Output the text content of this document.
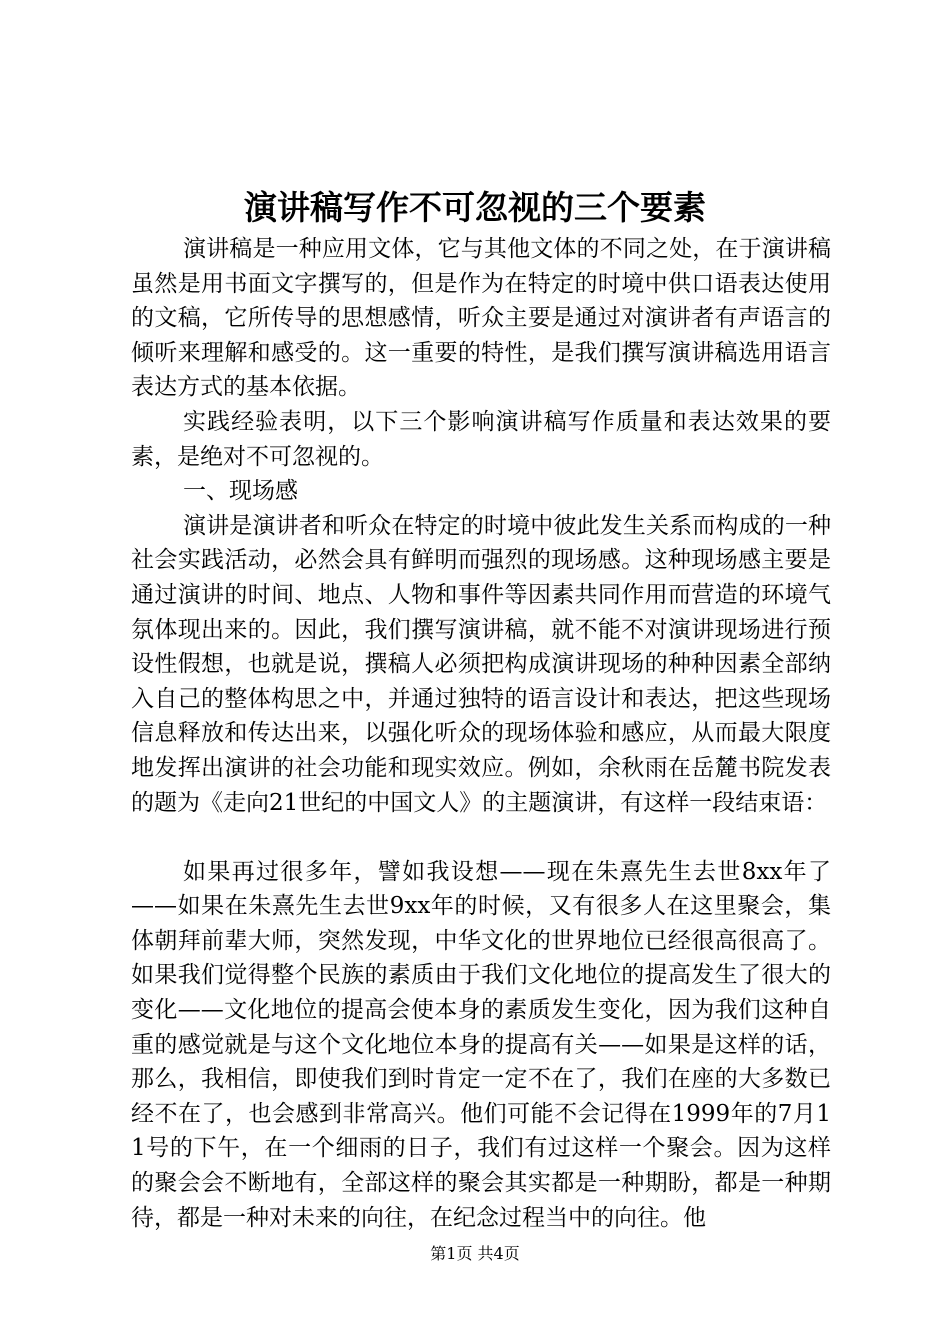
演讲稿写作不可忽视的三个要素

演讲稿是一种应用文体，它与其他文体的不同之处，在于演讲稿虽然是用书面文字撰写的，但是作为在特定的时境中供口语表达使用的文稿，它所传导的思想感情，听众主要是通过对演讲者有声语言的倾听来理解和感受的。这一重要的特性，是我们撰写演讲稿选用语言表达方式的基本依据。

实践经验表明，以下三个影响演讲稿写作质量和表达效果的要素，是绝对不可忽视的。

一、现场感

演讲是演讲者和听众在特定的时境中彼此发生关系而构成的一种社会实践活动，必然会具有鲜明而强烈的现场感。这种现场感主要是通过演讲的时间、地点、人物和事件等因素共同作用而营造的环境气氛体现出来的。因此，我们撰写演讲稿，就不能不对演讲现场进行预设性假想，也就是说，撰稿人必须把构成演讲现场的种种因素全部纳入自己的整体构思之中，并通过独特的语言设计和表达，把这些现场信息释放和传达出来，以强化听众的现场体验和感应，从而最大限度地发挥出演讲的社会功能和现实效应。例如，余秋雨在岳麓书院发表的题为《走向21世纪的中国文人》的主题演讲，有这样一段结束语：

如果再过很多年，譬如我设想——现在朱熹先生去世8xx年了——如果在朱熹先生去世9xx年的时候，又有很多人在这里聚会，集体朝拜前辈大师，突然发现，中华文化的世界地位已经很高很高了。如果我们觉得整个民族的素质由于我们文化地位的提高发生了很大的变化——文化地位的提高会使本身的素质发生变化，因为我们这种自重的感觉就是与这个文化地位本身的提高有关——如果是这样的话，那么，我相信，即使我们到时肯定一定不在了，我们在座的大多数已经不在了，也会感到非常高兴。他们可能不会记得在1999年的7月11号的下午，在一个细雨的日子，我们有过这样一个聚会。因为这样的聚会会不断地有，全部这样的聚会其实都是一种期盼，都是一种期待，都是一种对未来的向往，在纪念过程当中的向往。他

第1页 共4页
